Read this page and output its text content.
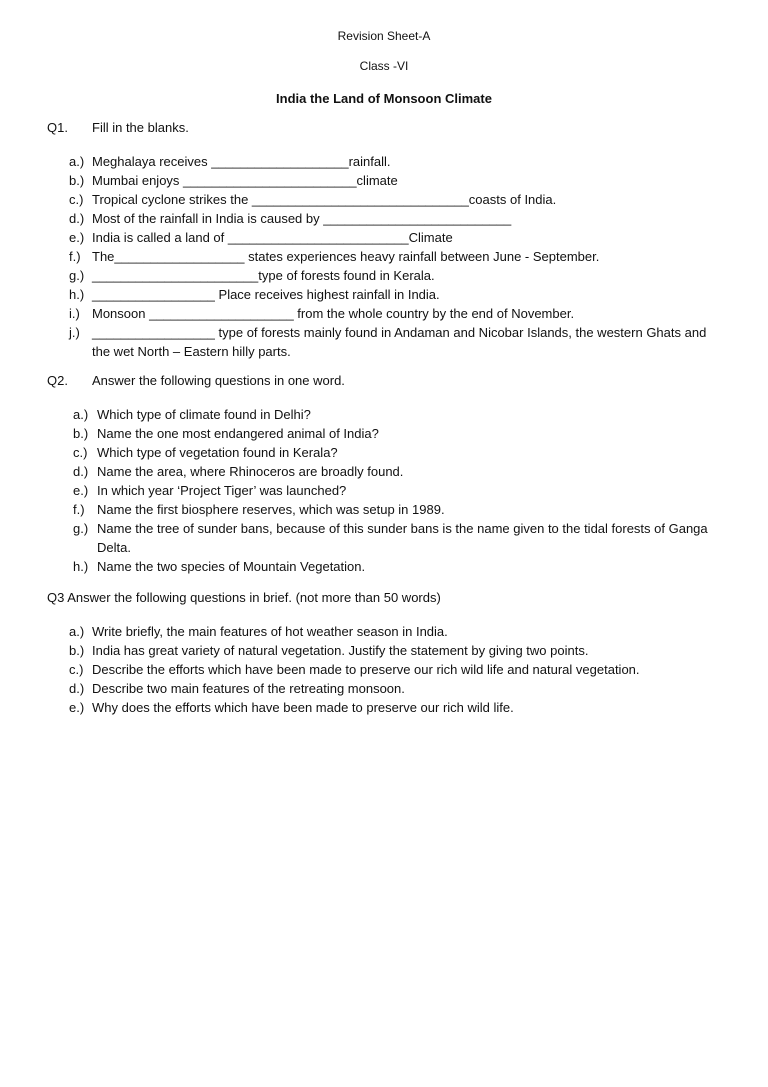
Revision Sheet-A
Class -VI
India the Land of Monsoon Climate
Q1. Fill in the blanks.
a.) Meghalaya receives ___________________rainfall.
b.) Mumbai enjoys ________________________climate
c.) Tropical cyclone strikes the ______________________________coasts of India.
d.) Most of the rainfall in India is caused by __________________________
e.) India is called a land of _________________________Climate
f.) The__________________ states experiences heavy rainfall between June - September.
g.) _______________________type of forests found in Kerala.
h.) _________________ Place receives highest rainfall in India.
i.) Monsoon ____________________ from the whole country by the end of November.
j.) _________________ type of forests mainly found in Andaman and Nicobar Islands, the western Ghats and the wet North – Eastern hilly parts.
Q2. Answer the following questions in one word.
a.) Which type of climate found in Delhi?
b.) Name the one most endangered animal of India?
c.) Which type of vegetation found in Kerala?
d.) Name the area, where Rhinoceros are broadly found.
e.) In which year ‘Project Tiger’ was launched?
f.) Name the first biosphere reserves, which was setup in 1989.
g.) Name the tree of sunder bans, because of this sunder bans is the name given to the tidal forests of Ganga Delta.
h.) Name the two species of Mountain Vegetation.
Q3 Answer the following questions in brief. (not more than 50 words)
a.) Write briefly, the main features of hot weather season in India.
b.) India has great variety of natural vegetation. Justify the statement by giving two points.
c.) Describe the efforts which have been made to preserve our rich wild life and natural vegetation.
d.) Describe two main features of the retreating monsoon.
e.) Why does the efforts which have been made to preserve our rich wild life.
